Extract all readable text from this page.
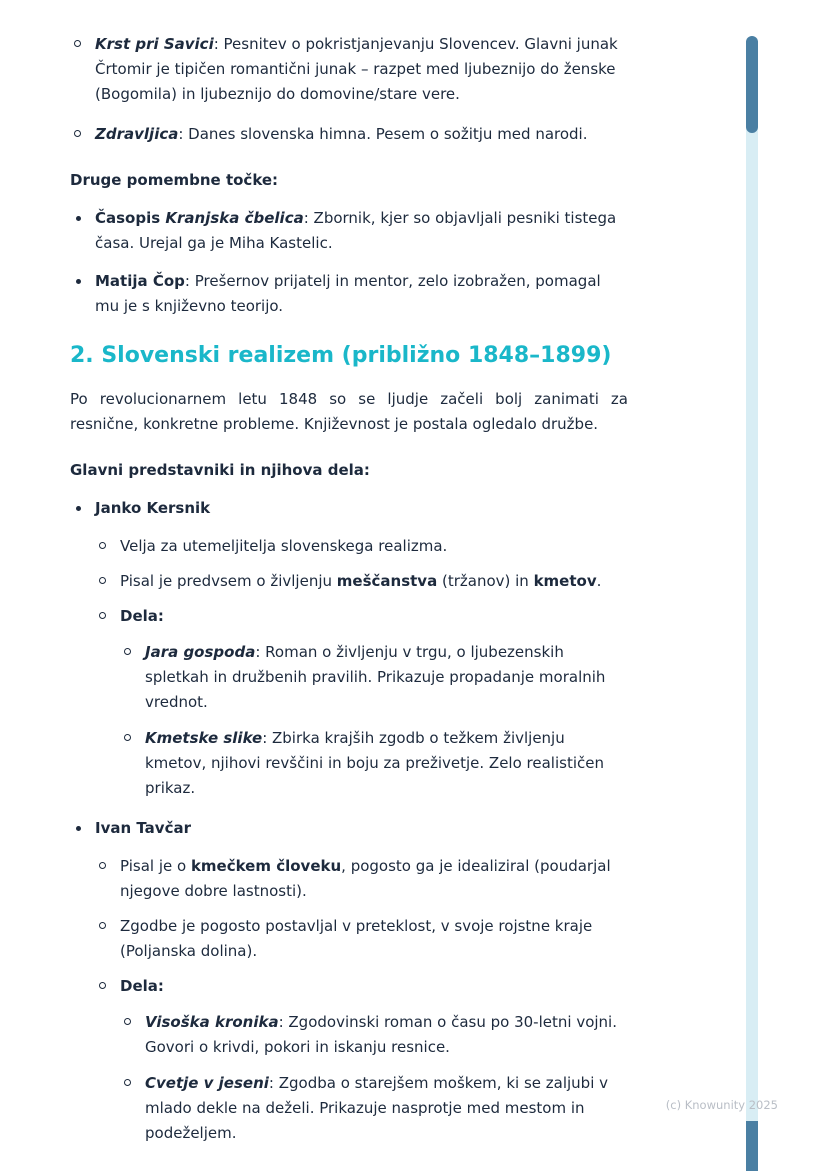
Krst pri Savici: Pesnitev o pokristjanjevanju Slovencev. Glavni junak Črtomir je tipičen romantični junak – razpet med ljubeznijo do ženske (Bogomila) in ljubeznijo do domovine/stare vere.
Zdravljica: Danes slovenska himna. Pesem o sožitju med narodi.

Druge pomembne točke:

Časopis Kranjska čbelica: Zbornik, kjer so objavljali pesniki tistega časa. Urejal ga je Miha Kastelic.
Matija Čop: Prešernov prijatelj in mentor, zelo izobražen, pomagal mu je s književno teorijo.
2. Slovenski realizem (približno 1848–1899)

Po revolucionarnem letu 1848 so se ljudje začeli bolj zanimati za resnične, konkretne probleme. Književnost je postala ogledalo družbe.

Glavni predstavniki in njihova dela:

Janko Kersnik
Velja za utemeljitelja slovenskega realizma.
Pisal je predvsem o življenju meščanstva (tržanov) in kmetov.
Dela:
Jara gospoda: Roman o življenju v trgu, o ljubezenskih spletkah in družbenih pravilih. Prikazuje propadanje moralnih vrednot.
Kmetske slike: Zbirka krajših zgodb o težkem življenju kmetov, njihovi revščini in boju za preživetje. Zelo realističen prikaz.
Ivan Tavčar
Pisal je o kmečkem človeku, pogosto ga je idealiziral (poudarjal njegove dobre lastnosti).
Zgodbe je pogosto postavljal v preteklost, v svoje rojstne kraje (Poljanska dolina).
Dela:
Visoška kronika: Zgodovinski roman o času po 30-letni vojni. Govori o krivdi, pokori in iskanju resnice.
Cvetje v jeseni: Zgodba o starejšem moškem, ki se zaljubi v mlado dekle na deželi. Prikazuje nasprotje med mestom in podeželjem.
(c) Knowunity 2025
